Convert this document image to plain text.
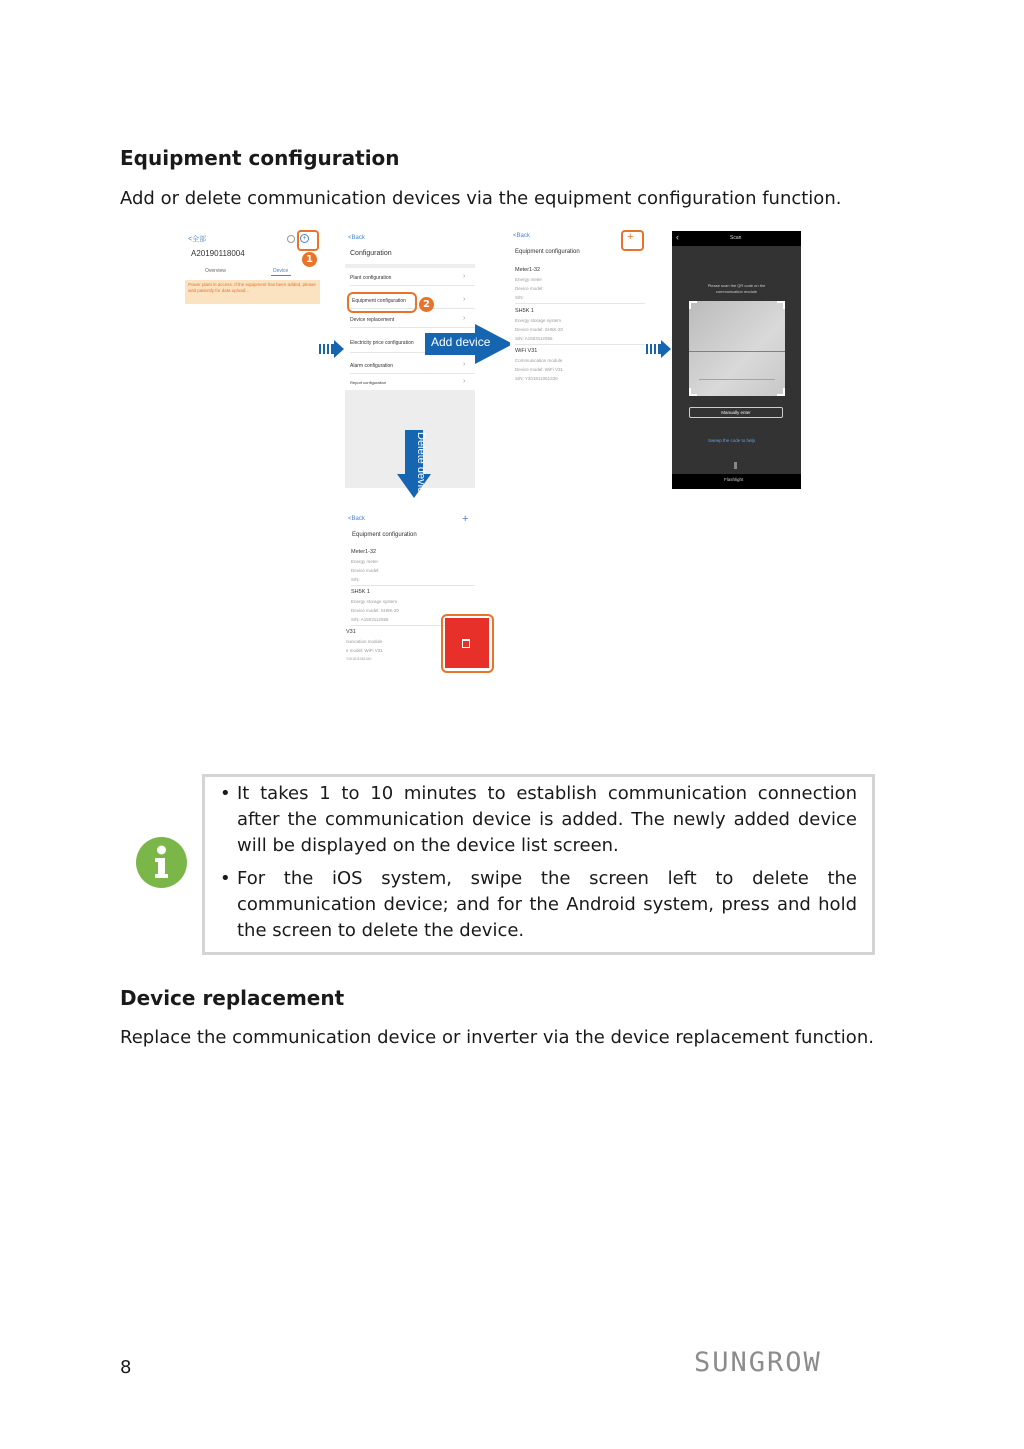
Equipment configuration

Add or delete communication devices via the equipment configuration function.

<全部	+
A20190118004
Overview	Device
Power plant in access. If the equipment has been added, please wait patiently for data upload...
1
<Back
Configuration
Plant configuration	›
Equipment configuration	›
Device replacement	›
Electricity price configuration
Alarm configuration	›
Report configuration	›
2
Add device
Delete device
<Back	+
Equipment configuration
Meter1-32
Energy meter
Device model:
S/N:
SH5K 1
Energy storage system
Device model: SH5K-20
S/N: A1503112556
WiFi V31
Communication module
Device model: WiFi V31
S/N: Y201811061330
‹	Scan
Please scan the QR code on the communication module
Manually enter
Sweep the code to help
Flashlight
<Back	+
Equipment configuration
Meter1-32
Energy meter
Device model:
S/N:
SH5K 1
Energy storage system
Device model: SH5K-20
S/N: A1503112556
V31
nunication module
e model: WiFi V31
Y201811061330
• It takes 1 to 10 minutes to establish communication connection after the communication device is added. The newly added device will be displayed on the device list screen.
• For the iOS system, swipe the screen left to delete the communication device; and for the Android system, press and hold the screen to delete the device.
Device replacement

Replace the communication device or inverter via the device replacement function.

8	SUNGROW
